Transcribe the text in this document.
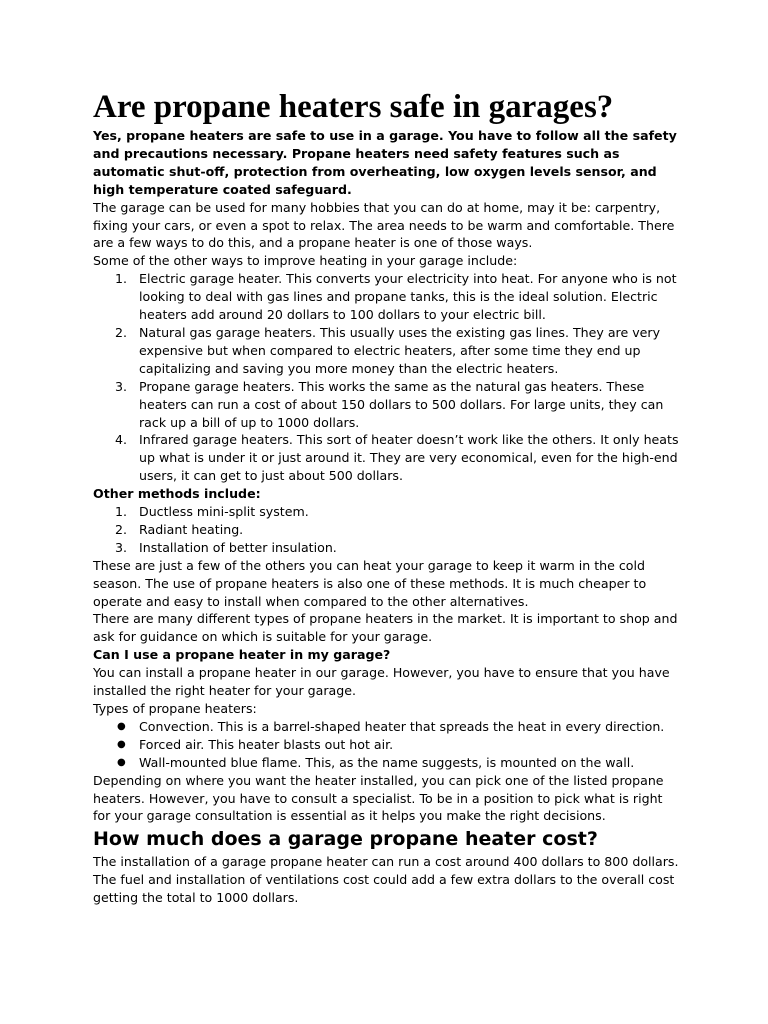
Are propane heaters safe in garages?

Yes, propane heaters are safe to use in a garage. You have to follow all the safety and precautions necessary. Propane heaters need safety features such as automatic shut-off, protection from overheating, low oxygen levels sensor, and high temperature coated safeguard.

The garage can be used for many hobbies that you can do at home, may it be: carpentry, fixing your cars, or even a spot to relax. The area needs to be warm and comfortable. There are a few ways to do this, and a propane heater is one of those ways.

Some of the other ways to improve heating in your garage include:

1. Electric garage heater. This converts your electricity into heat. For anyone who is not looking to deal with gas lines and propane tanks, this is the ideal solution. Electric heaters add around 20 dollars to 100 dollars to your electric bill.
2. Natural gas garage heaters. This usually uses the existing gas lines. They are very expensive but when compared to electric heaters, after some time they end up capitalizing and saving you more money than the electric heaters.
3. Propane garage heaters. This works the same as the natural gas heaters. These heaters can run a cost of about 150 dollars to 500 dollars. For large units, they can rack up a bill of up to 1000 dollars.
4. Infrared garage heaters. This sort of heater doesn’t work like the others. It only heats up what is under it or just around it. They are very economical, even for the high-end users, it can get to just about 500 dollars.

Other methods include:

1. Ductless mini-split system.
2. Radiant heating.
3. Installation of better insulation.

These are just a few of the others you can heat your garage to keep it warm in the cold season. The use of propane heaters is also one of these methods. It is much cheaper to operate and easy to install when compared to the other alternatives.

There are many different types of propane heaters in the market. It is important to shop and ask for guidance on which is suitable for your garage.

Can I use a propane heater in my garage?

You can install a propane heater in our garage. However, you have to ensure that you have installed the right heater for your garage.

Types of propane heaters:

● Convection. This is a barrel-shaped heater that spreads the heat in every direction.
● Forced air. This heater blasts out hot air.
● Wall-mounted blue flame. This, as the name suggests, is mounted on the wall.

Depending on where you want the heater installed, you can pick one of the listed propane heaters. However, you have to consult a specialist. To be in a position to pick what is right for your garage consultation is essential as it helps you make the right decisions.

How much does a garage propane heater cost?

The installation of a garage propane heater can run a cost around 400 dollars to 800 dollars. The fuel and installation of ventilations cost could add a few extra dollars to the overall cost getting the total to 1000 dollars.
